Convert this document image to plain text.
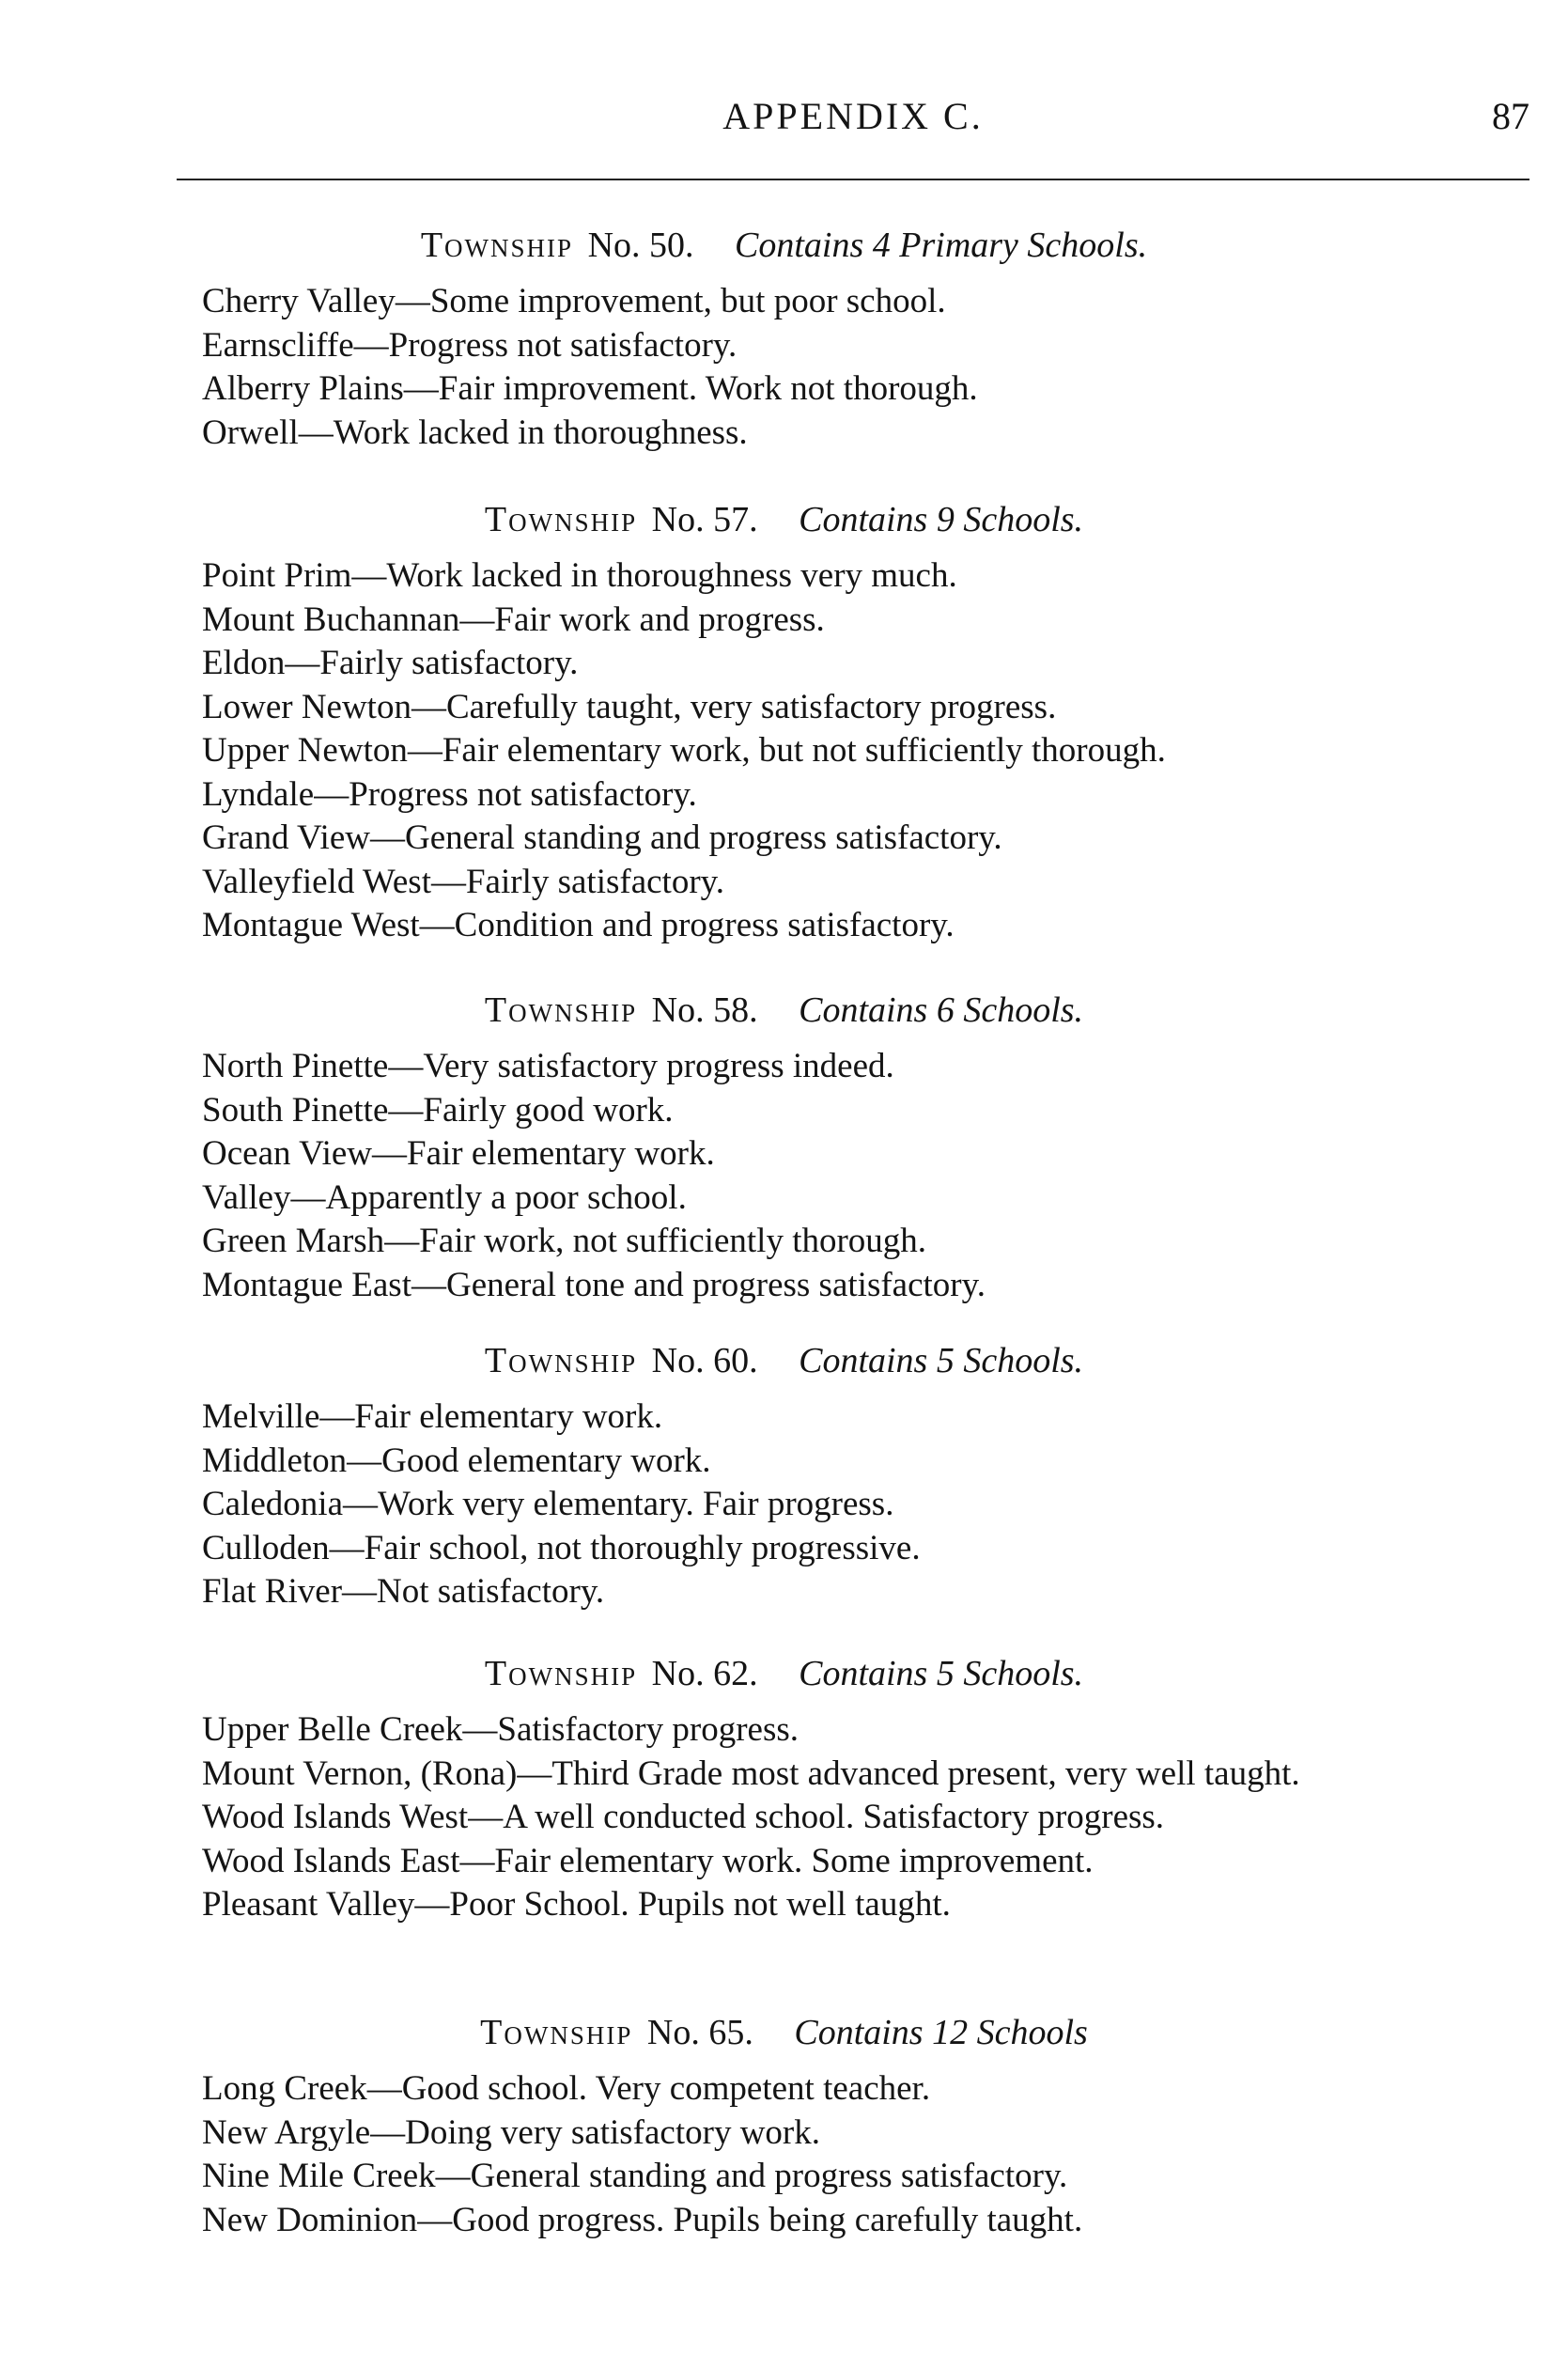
APPENDIX C.	87
Township No. 50. Contains 4 Primary Schools.
Cherry Valley — Some improvement, but poor school.
Earnscliffe — Progress not satisfactory.
Alberry Plains — Fair improvement. Work not thorough.
Orwell — Work lacked in thoroughness.
Township No. 57. Contains 9 Schools.
Point Prim — Work lacked in thoroughness very much.
Mount Buchannan — Fair work and progress.
Eldon — Fairly satisfactory.
Lower Newton — Carefully taught, very satisfactory progress.
Upper Newton — Fair elementary work, but not sufficiently thorough.
Lyndale — Progress not satisfactory.
Grand View — General standing and progress satisfactory.
Valleyfield West — Fairly satisfactory.
Montague West — Condition and progress satisfactory.
Township No. 58. Contains 6 Schools.
North Pinette — Very satisfactory progress indeed.
South Pinette — Fairly good work.
Ocean View — Fair elementary work.
Valley — Apparently a poor school.
Green Marsh — Fair work, not sufficiently thorough.
Montague East — General tone and progress satisfactory.
Township No. 60. Contains 5 Schools.
Melville — Fair elementary work.
Middleton — Good elementary work.
Caledonia — Work very elementary. Fair progress.
Culloden — Fair school, not thoroughly progressive.
Flat River — Not satisfactory.
Township No. 62. Contains 5 Schools.
Upper Belle Creek — Satisfactory progress.
Mount Vernon, (Rona) — Third Grade most advanced present, very well taught.
Wood Islands West — A well conducted school. Satisfactory progress.
Wood Islands East — Fair elementary work. Some improvement.
Pleasant Valley — Poor School. Pupils not well taught.
Township No. 65. Contains 12 Schools
Long Creek — Good school. Very competent teacher.
New Argyle — Doing very satisfactory work.
Nine Mile Creek — General standing and progress satisfactory.
New Dominion — Good progress. Pupils being carefully taught.
